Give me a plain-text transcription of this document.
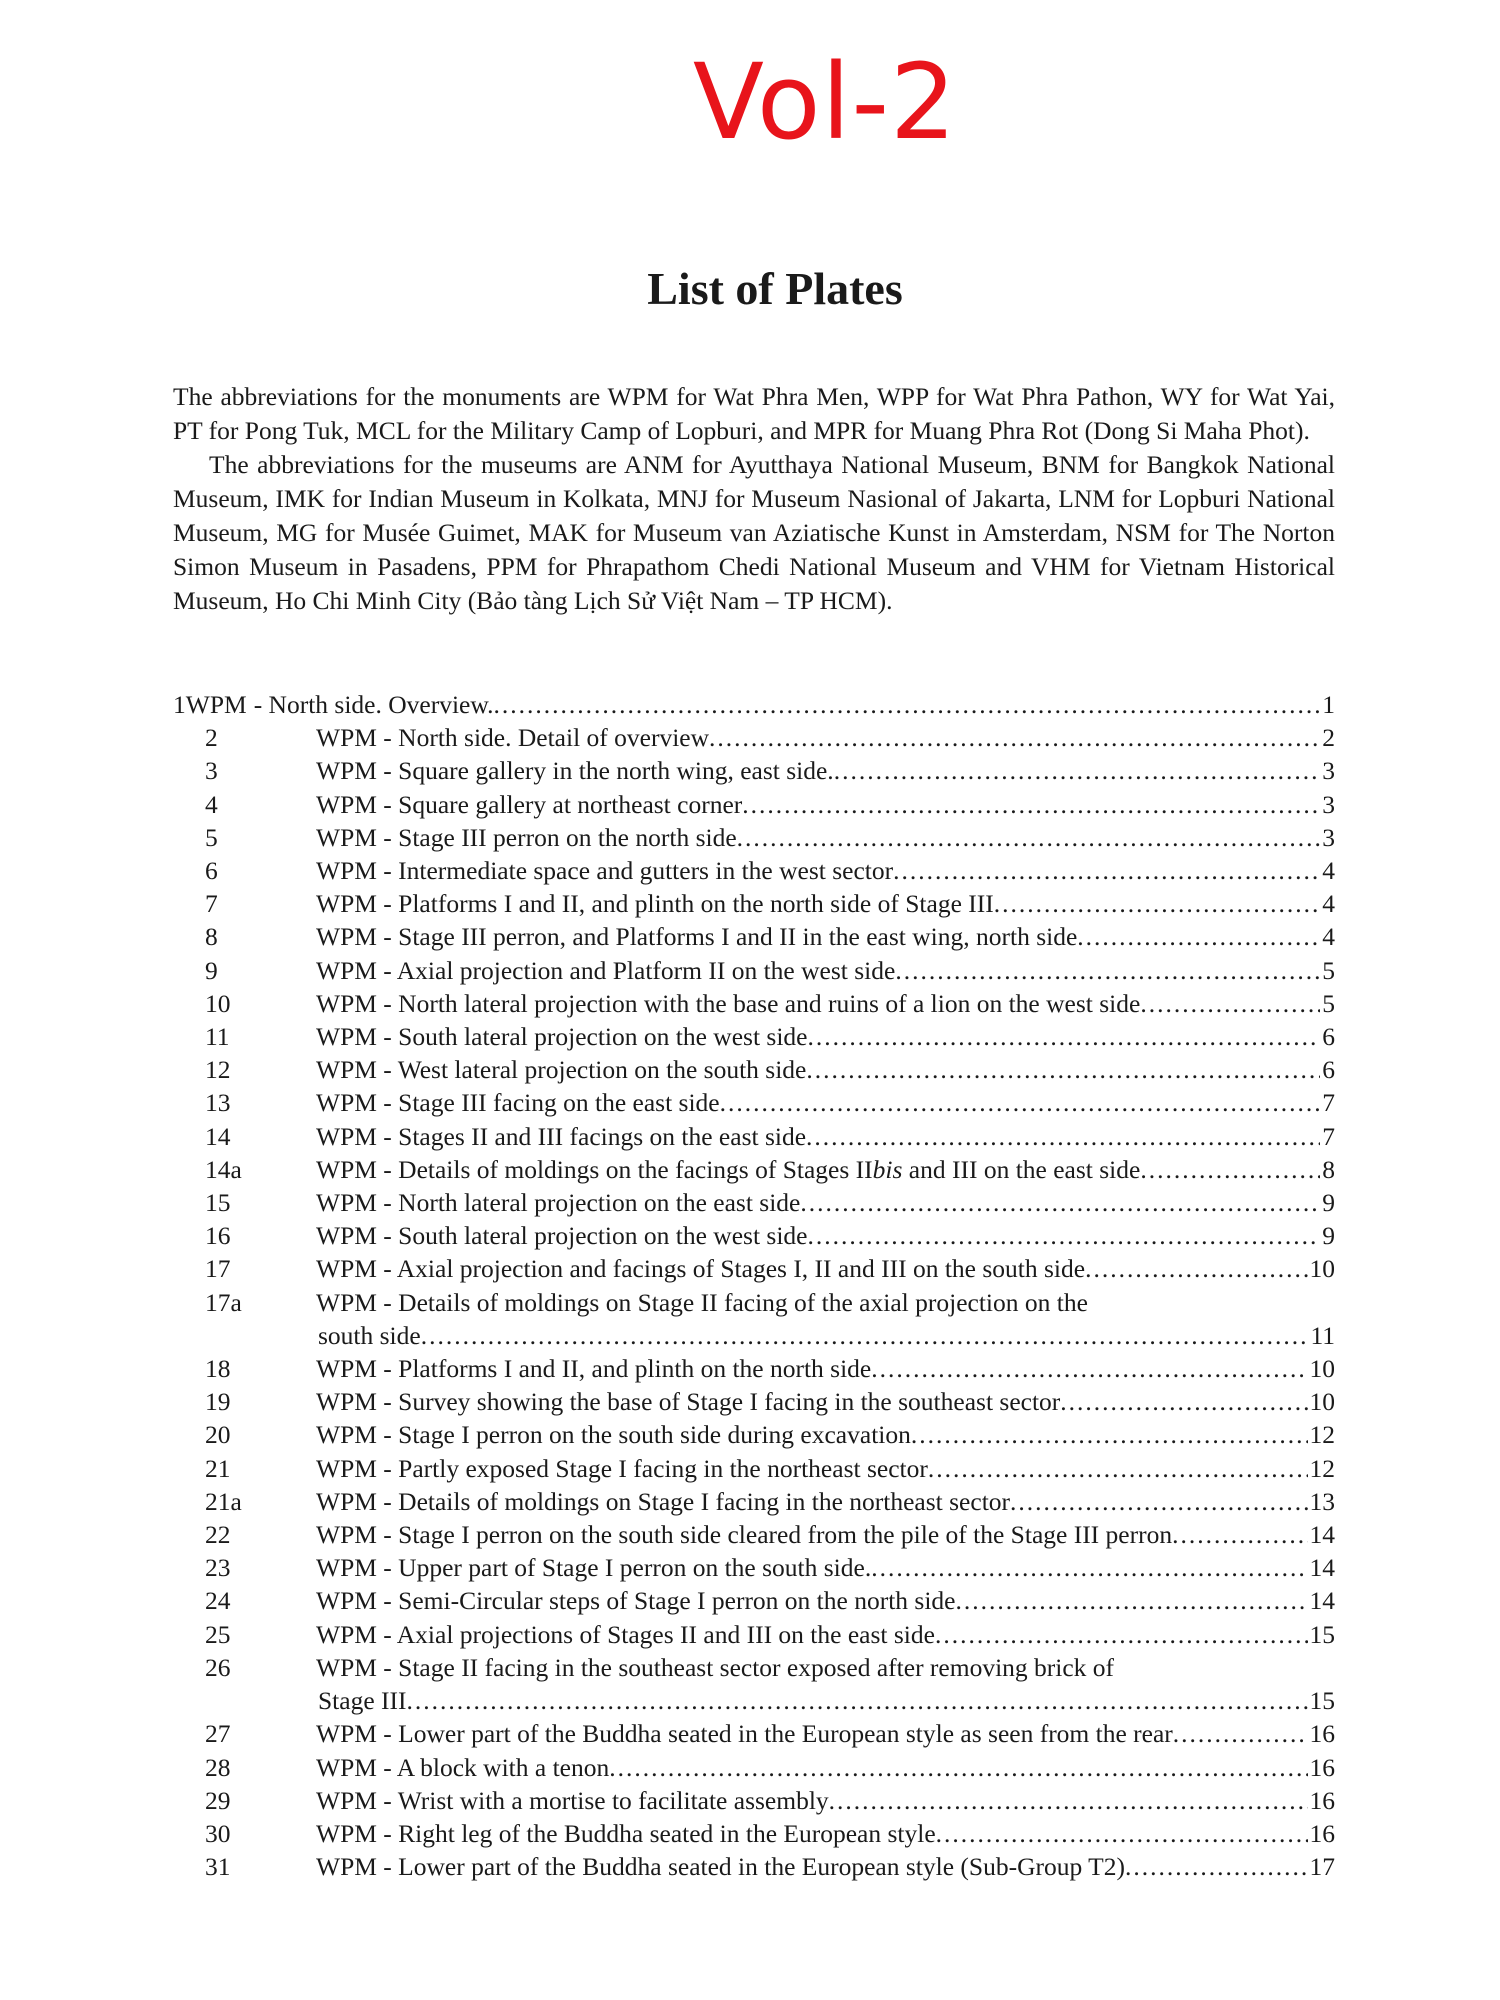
Vol-2
List of Plates

The abbreviations for the monuments are WPM for Wat Phra Men, WPP for Wat Phra Pathon, WY for Wat Yai, PT for Pong Tuk, MCL for the Military Camp of Lopburi, and MPR for Muang Phra Rot (Dong Si Maha Phot).

The abbreviations for the museums are ANM for Ayutthaya National Museum, BNM for Bangkok National Museum, IMK for Indian Museum in Kolkata, MNJ for Museum Nasional of Jakarta, LNM for Lopburi National Museum, MG for Musée Guimet, MAK for Museum van Aziatische Kunst in Amsterdam, NSM for The Norton Simon Museum in Pasadens, PPM for Phrapathom Chedi National Museum and VHM for Vietnam Historical Museum, Ho Chi Minh City (Bảo tàng Lịch Sử Việt Nam – TP HCM).

1WPM - North side. Overview. .....	1
2	WPM - North side. Detail of overview .....	2
3	WPM - Square gallery in the north wing, east side. .....	3
4	WPM - Square gallery at northeast corner .....	3
5	WPM - Stage III perron on the north side .....	3
6	WPM - Intermediate space and gutters in the west sector .....	4
7	WPM - Platforms I and II, and plinth on the north side of Stage III .....	4
8	WPM - Stage III perron, and Platforms I and II in the east wing, north side .....	4
9	WPM - Axial projection and Platform II on the west side .....	5
10	WPM - North lateral projection with the base and ruins of a lion on the west side .....	5
11	WPM - South lateral projection on the west side .....	6
12	WPM - West lateral projection on the south side .....	6
13	WPM - Stage III facing on the east side .....	7
14	WPM - Stages II and III facings on the east side .....	7
14a	WPM - Details of moldings on the facings of Stages IIbis and III on the east side .....	8
15	WPM - North lateral projection on the east side .....	9
16	WPM - South lateral projection on the west side .....	9
17	WPM - Axial projection and facings of Stages I, II and III on the south side .....	10
17a	WPM - Details of moldings on Stage II facing of the axial projection on the
south side .....	11
18	WPM - Platforms I and II, and plinth on the north side .....	10
19	WPM - Survey showing the base of Stage I facing in the southeast sector .....	10
20	WPM - Stage I perron on the south side during excavation .....	12
21	WPM - Partly exposed Stage I facing in the northeast sector .....	12
21a	WPM - Details of moldings on Stage I facing in the northeast sector .....	13
22	WPM - Stage I perron on the south side cleared from the pile of the Stage III perron .....	14
23	WPM - Upper part of Stage I perron on the south side. .....	14
24	WPM - Semi-Circular steps of Stage I perron on the north side .....	14
25	WPM - Axial projections of Stages II and III on the east side .....	15
26	WPM - Stage II facing in the southeast sector exposed after removing brick of
Stage III .....	15
27	WPM - Lower part of the Buddha seated in the European style as seen from the rear .....	16
28	WPM - A block with a tenon .....	16
29	WPM - Wrist with a mortise to facilitate assembly .....	16
30	WPM - Right leg of the Buddha seated in the European style .....	16
31	WPM - Lower part of the Buddha seated in the European style (Sub-Group T2) .....	17
